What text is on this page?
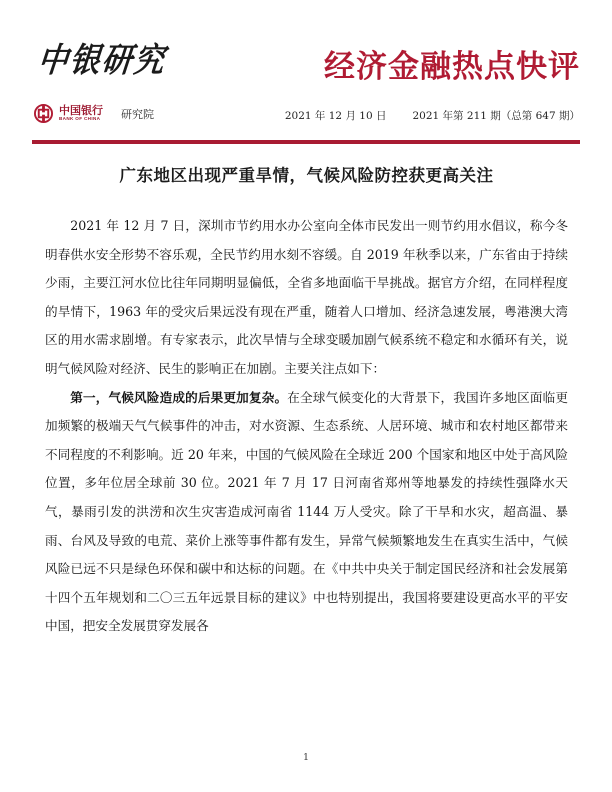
中银研究
中国银行
BANK OF CHINA 研究院
经济金融热点快评
2021 年 12 月 10 日 2021 年第 211 期（总第 647 期）
广东地区出现严重旱情，气候风险防控获更高关注

2021 年 12 月 7 日，深圳市节约用水办公室向全体市民发出一则节约用水倡议，称今冬明春供水安全形势不容乐观，全民节约用水刻不容缓。自 2019 年秋季以来，广东省由于持续少雨，主要江河水位比往年同期明显偏低，全省多地面临干旱挑战。据官方介绍，在同样程度的旱情下，1963 年的受灾后果远没有现在严重，随着人口增加、经济急速发展，粤港澳大湾区的用水需求剧增。有专家表示，此次旱情与全球变暖加剧气候系统不稳定和水循环有关，说明气候风险对经济、民生的影响正在加剧。主要关注点如下：

第一，气候风险造成的后果更加复杂。在全球气候变化的大背景下，我国许多地区面临更加频繁的极端天气气候事件的冲击，对水资源、生态系统、人居环境、城市和农村地区都带来不同程度的不利影响。近 20 年来，中国的气候风险在全球近 200 个国家和地区中处于高风险位置，多年位居全球前 30 位。2021 年 7 月 17 日河南省郑州等地暴发的持续性强降水天气，暴雨引发的洪涝和次生灾害造成河南省 1144 万人受灾。除了干旱和水灾，超高温、暴雨、台风及导致的电荒、菜价上涨等事件都有发生，异常气候频繁地发生在真实生活中，气候风险已远不只是绿色环保和碳中和达标的问题。在《中共中央关于制定国民经济和社会发展第十四个五年规划和二〇三五年远景目标的建议》中也特别提出，我国将要建设更高水平的平安中国，把安全发展贯穿发展各

1
